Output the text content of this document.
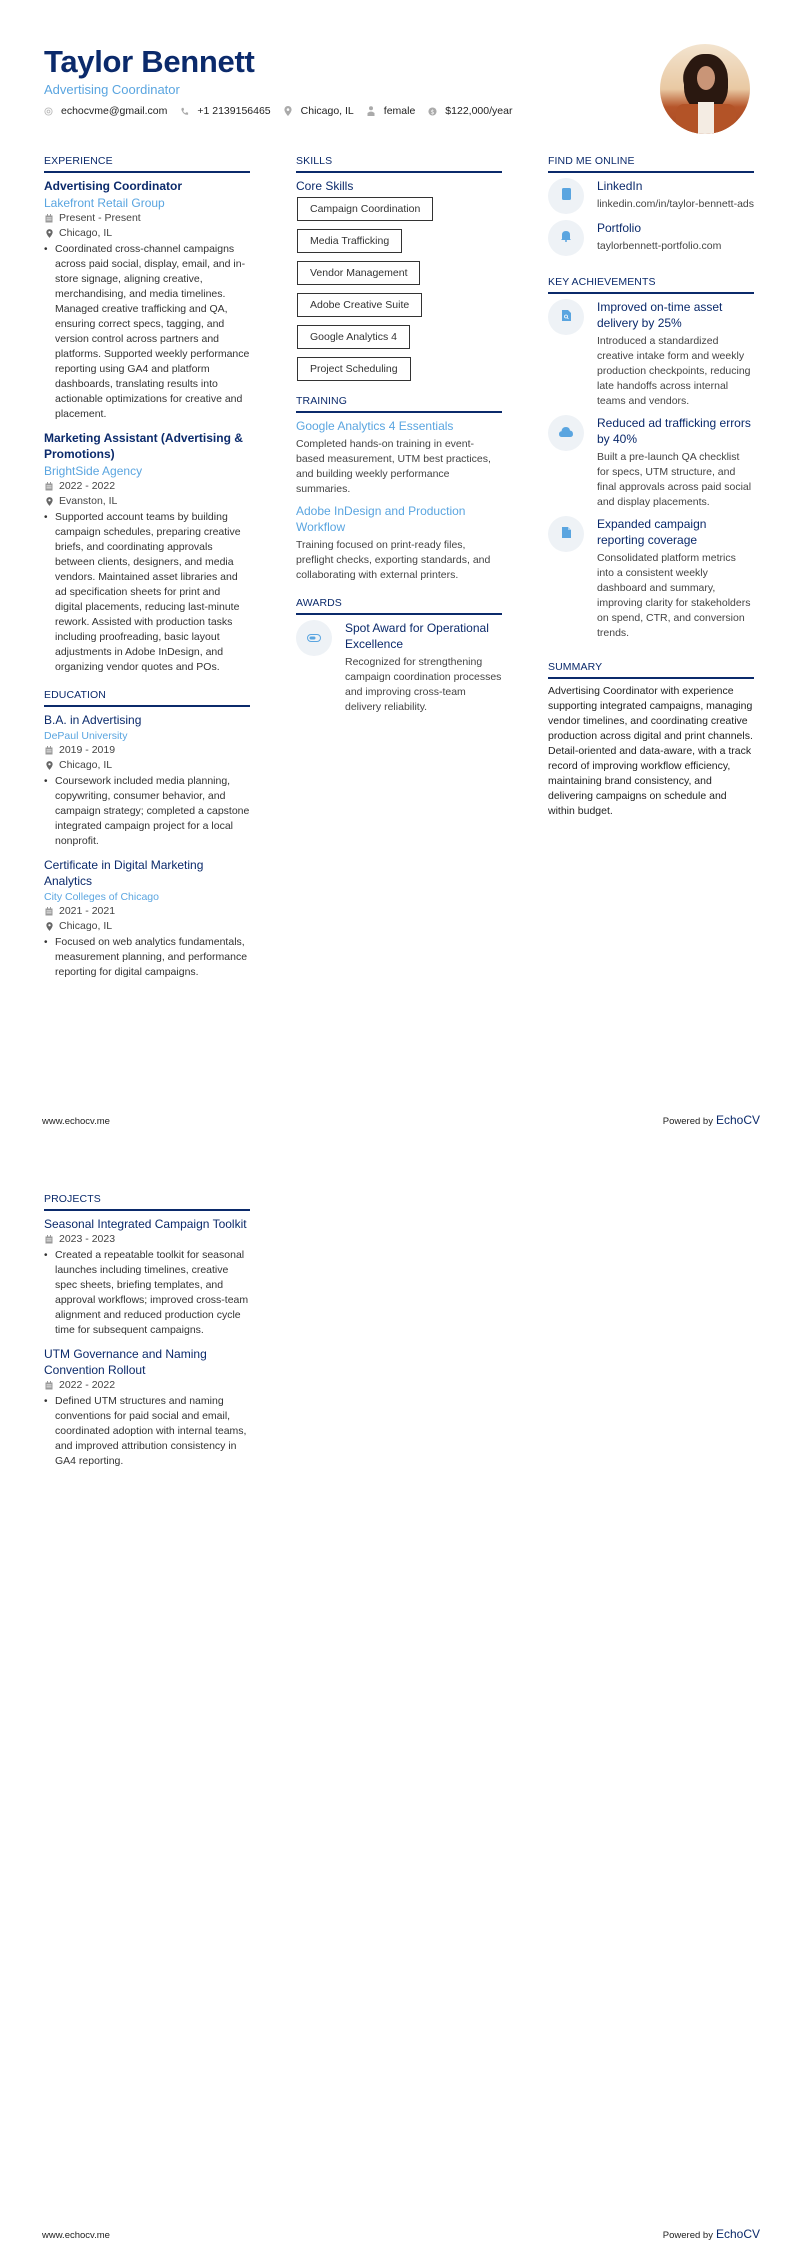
Taylor Bennett
Advertising Coordinator
echocvme@gmail.com	+1 2139156465	Chicago, IL	female $ $122,000/year
EXPERIENCE
Advertising Coordinator
Lakefront Retail Group
Present - Present
Chicago, IL
• Coordinated cross-channel campaigns across paid social, display, email, and in-store signage, aligning creative, merchandising, and media timelines. Managed creative trafficking and QA, ensuring correct specs, tagging, and version control across partners and platforms. Supported weekly performance reporting using GA4 and platform dashboards, translating results into actionable optimizations for creative and placement.
Marketing Assistant (Advertising & Promotions)
BrightSide Agency
2022 - 2022
Evanston, IL
• Supported account teams by building campaign schedules, preparing creative briefs, and coordinating approvals between clients, designers, and media vendors. Maintained asset libraries and ad specification sheets for print and digital placements, reducing last-minute rework. Assisted with production tasks including proofreading, basic layout adjustments in Adobe InDesign, and organizing vendor quotes and POs.
EDUCATION
B.A. in Advertising
DePaul University
2019 - 2019
Chicago, IL
• Coursework included media planning, copywriting, consumer behavior, and campaign strategy; completed a capstone integrated campaign project for a local nonprofit.
Certificate in Digital Marketing Analytics
City Colleges of Chicago
2021 - 2021
Chicago, IL
• Focused on web analytics fundamentals, measurement planning, and performance reporting for digital campaigns.
SKILLS
Core Skills
Campaign Coordination
Media Trafficking
Vendor Management
Adobe Creative Suite
Google Analytics 4
Project Scheduling
TRAINING
Google Analytics 4 Essentials
Completed hands-on training in event-based measurement, UTM best practices, and building weekly performance summaries.
Adobe InDesign and Production Workflow
Training focused on print-ready files, preflight checks, exporting standards, and collaborating with external printers.
AWARDS
Spot Award for Operational Excellence
Recognized for strengthening campaign coordination processes and improving cross-team delivery reliability.
FIND ME ONLINE
LinkedIn
linkedin.com/in/taylor-bennett-ads
Portfolio
taylorbennett-portfolio.com
KEY ACHIEVEMENTS
Improved on-time asset delivery by 25%
Introduced a standardized creative intake form and weekly production checkpoints, reducing late handoffs across internal teams and vendors.
Reduced ad trafficking errors by 40%
Built a pre-launch QA checklist for specs, UTM structure, and final approvals across paid social and display placements.
Expanded campaign reporting coverage
Consolidated platform metrics into a consistent weekly dashboard and summary, improving clarity for stakeholders on spend, CTR, and conversion trends.
SUMMARY
Advertising Coordinator with experience supporting integrated campaigns, managing vendor timelines, and coordinating creative production across digital and print channels. Detail-oriented and data-aware, with a track record of improving workflow efficiency, maintaining brand consistency, and delivering campaigns on schedule and within budget.
www.echocv.me	Powered by EchoCV
PROJECTS
Seasonal Integrated Campaign Toolkit
2023 - 2023
• Created a repeatable toolkit for seasonal launches including timelines, creative spec sheets, briefing templates, and approval workflows; improved cross-team alignment and reduced production cycle time for subsequent campaigns.
UTM Governance and Naming Convention Rollout
2022 - 2022
• Defined UTM structures and naming conventions for paid social and email, coordinated adoption with internal teams, and improved attribution consistency in GA4 reporting.
www.echocv.me	Powered by EchoCV
